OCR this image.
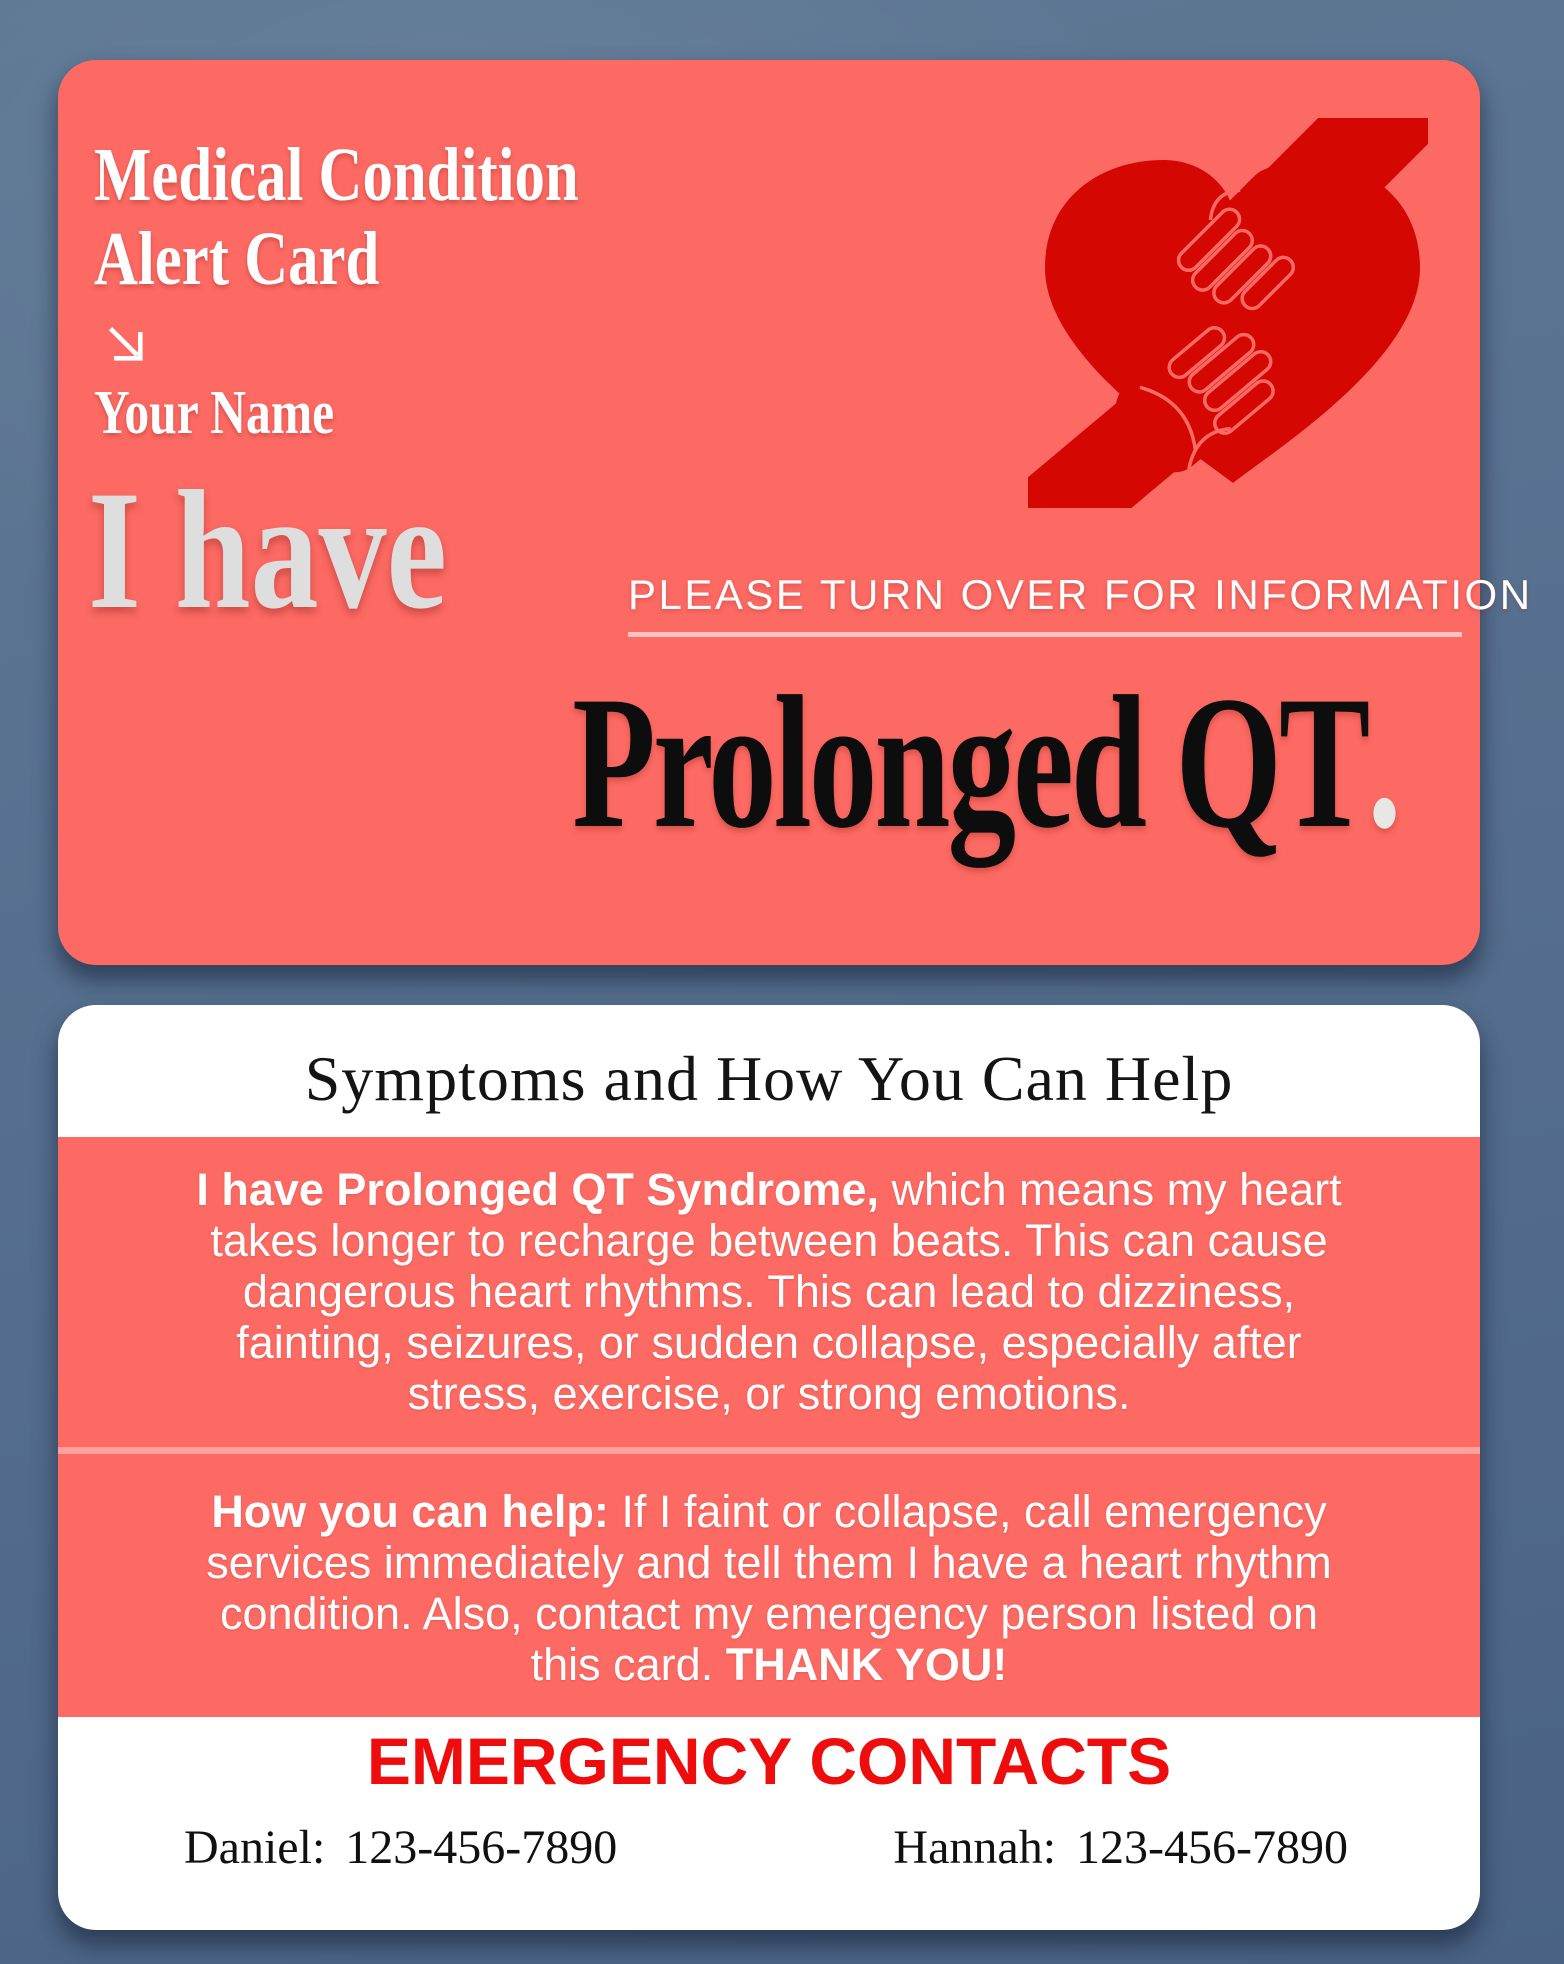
Medical Condition
Alert Card
Your Name
I have	PLEASE TURN OVER FOR INFORMATION
Prolonged QT.
Symptoms and How You Can Help
I have Prolonged QT Syndrome, which means my heart
takes longer to recharge between beats. This can cause
dangerous heart rhythms. This can lead to dizziness,
fainting, seizures, or sudden collapse, especially after
stress, exercise, or strong emotions.
How you can help: If I faint or collapse, call emergency
services immediately and tell them I have a heart rhythm
condition. Also, contact my emergency person listed on
this card. THANK YOU!
EMERGENCY CONTACTS
Daniel: 123-456-7890	Hannah: 123-456-7890
